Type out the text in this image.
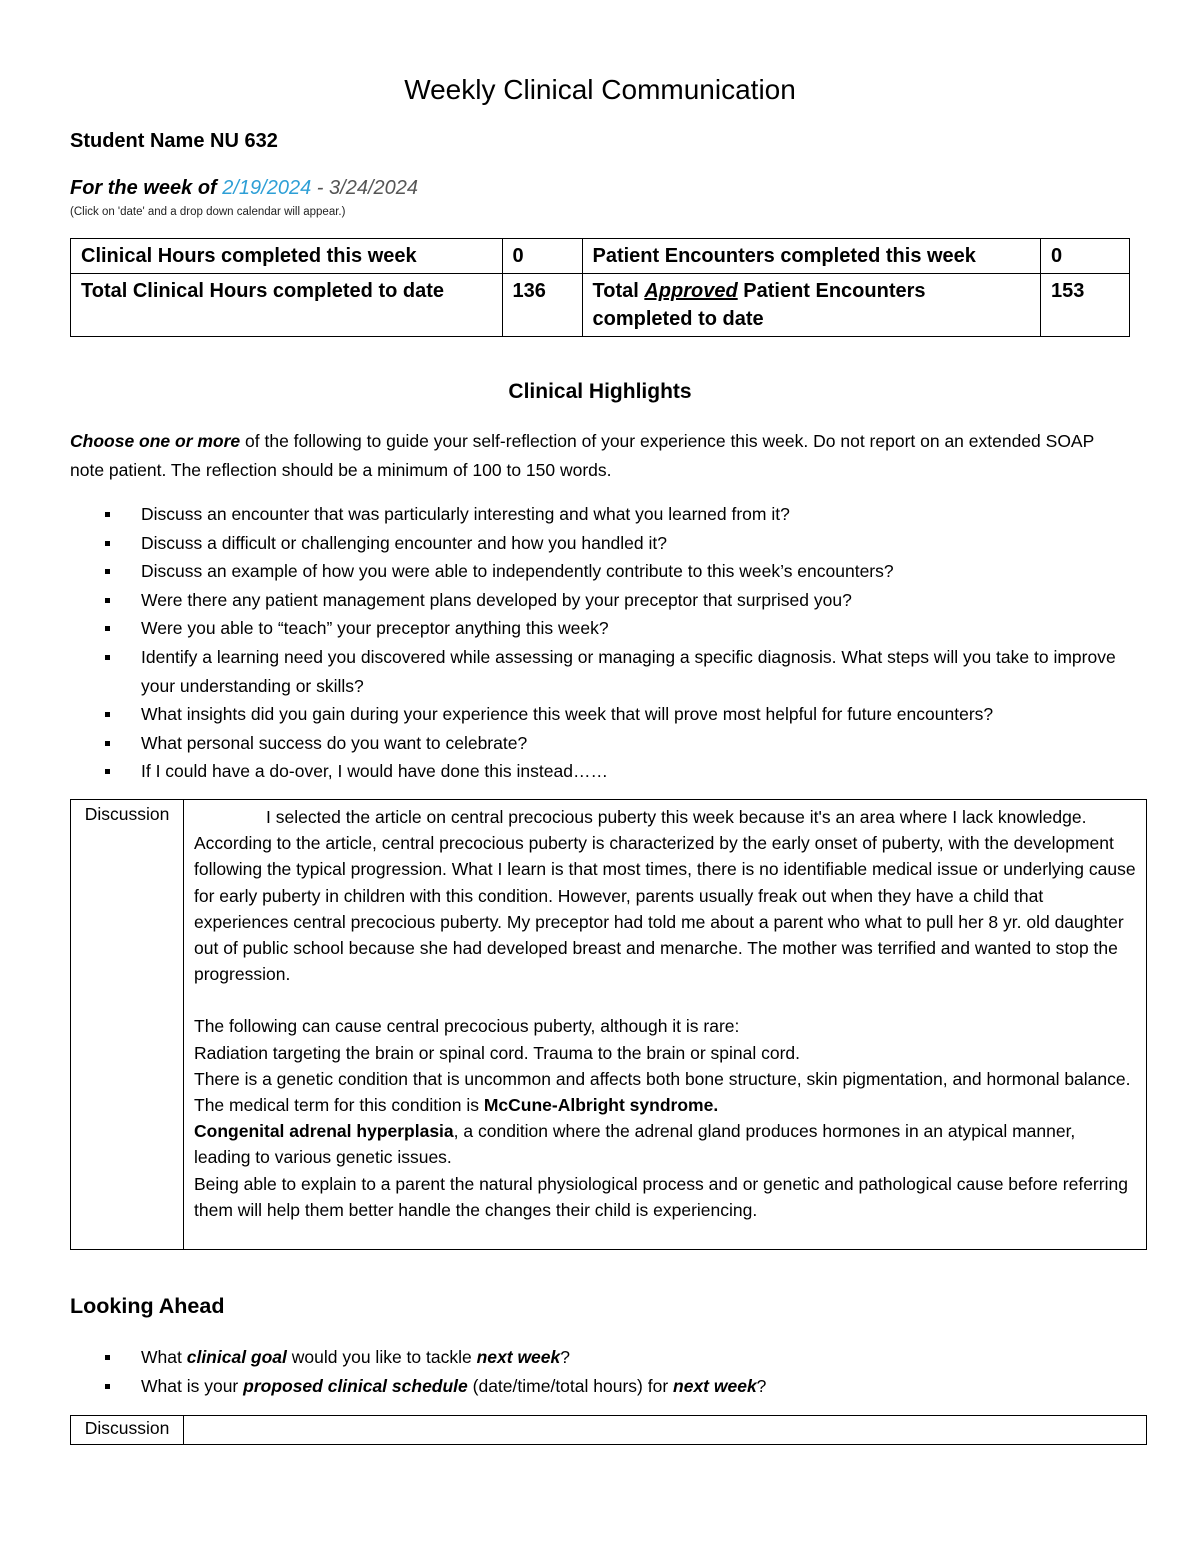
Weekly Clinical Communication
Student Name NU 632
For the week of 2/19/2024 - 3/24/2024
(Click on 'date' and a drop down calendar will appear.)
Clinical Hours completed this week	0	Patient Encounters completed this week	0
Total Clinical Hours completed to date	136	Total Approved Patient Encounters completed to date	153
Clinical Highlights
Choose one or more of the following to guide your self-reflection of your experience this week. Do not report on an extended SOAP note patient. The reflection should be a minimum of 100 to 150 words.
Discuss an encounter that was particularly interesting and what you learned from it?
Discuss a difficult or challenging encounter and how you handled it?
Discuss an example of how you were able to independently contribute to this week’s encounters?
Were there any patient management plans developed by your preceptor that surprised you?
Were you able to “teach” your preceptor anything this week?
Identify a learning need you discovered while assessing or managing a specific diagnosis. What steps will you take to improve your understanding or skills?
What insights did you gain during your experience this week that will prove most helpful for future encounters?
What personal success do you want to celebrate?
If I could have a do-over, I would have done this instead……
Discussion	I selected the article on central precocious puberty this week because it's an area where I lack knowledge. According to the article, central precocious puberty is characterized by the early onset of puberty, with the development following the typical progression. What I learn is that most times, there is no identifiable medical issue or underlying cause for early puberty in children with this condition. However, parents usually freak out when they have a child that experiences central precocious puberty. My preceptor had told me about a parent who what to pull her 8 yr. old daughter out of public school because she had developed breast and menarche. The mother was terrified and wanted to stop the progression.

The following can cause central precocious puberty, although it is rare:

Radiation targeting the brain or spinal cord. Trauma to the brain or spinal cord.

There is a genetic condition that is uncommon and affects both bone structure, skin pigmentation, and hormonal balance. The medical term for this condition is McCune-Albright syndrome.

Congenital adrenal hyperplasia, a condition where the adrenal gland produces hormones in an atypical manner, leading to various genetic issues.

Being able to explain to a parent the natural physiological process and or genetic and pathological cause before referring them will help them better handle the changes their child is experiencing.

Looking Ahead
What clinical goal would you like to tackle next week?
What is your proposed clinical schedule (date/time/total hours) for next week?
Discussion	
